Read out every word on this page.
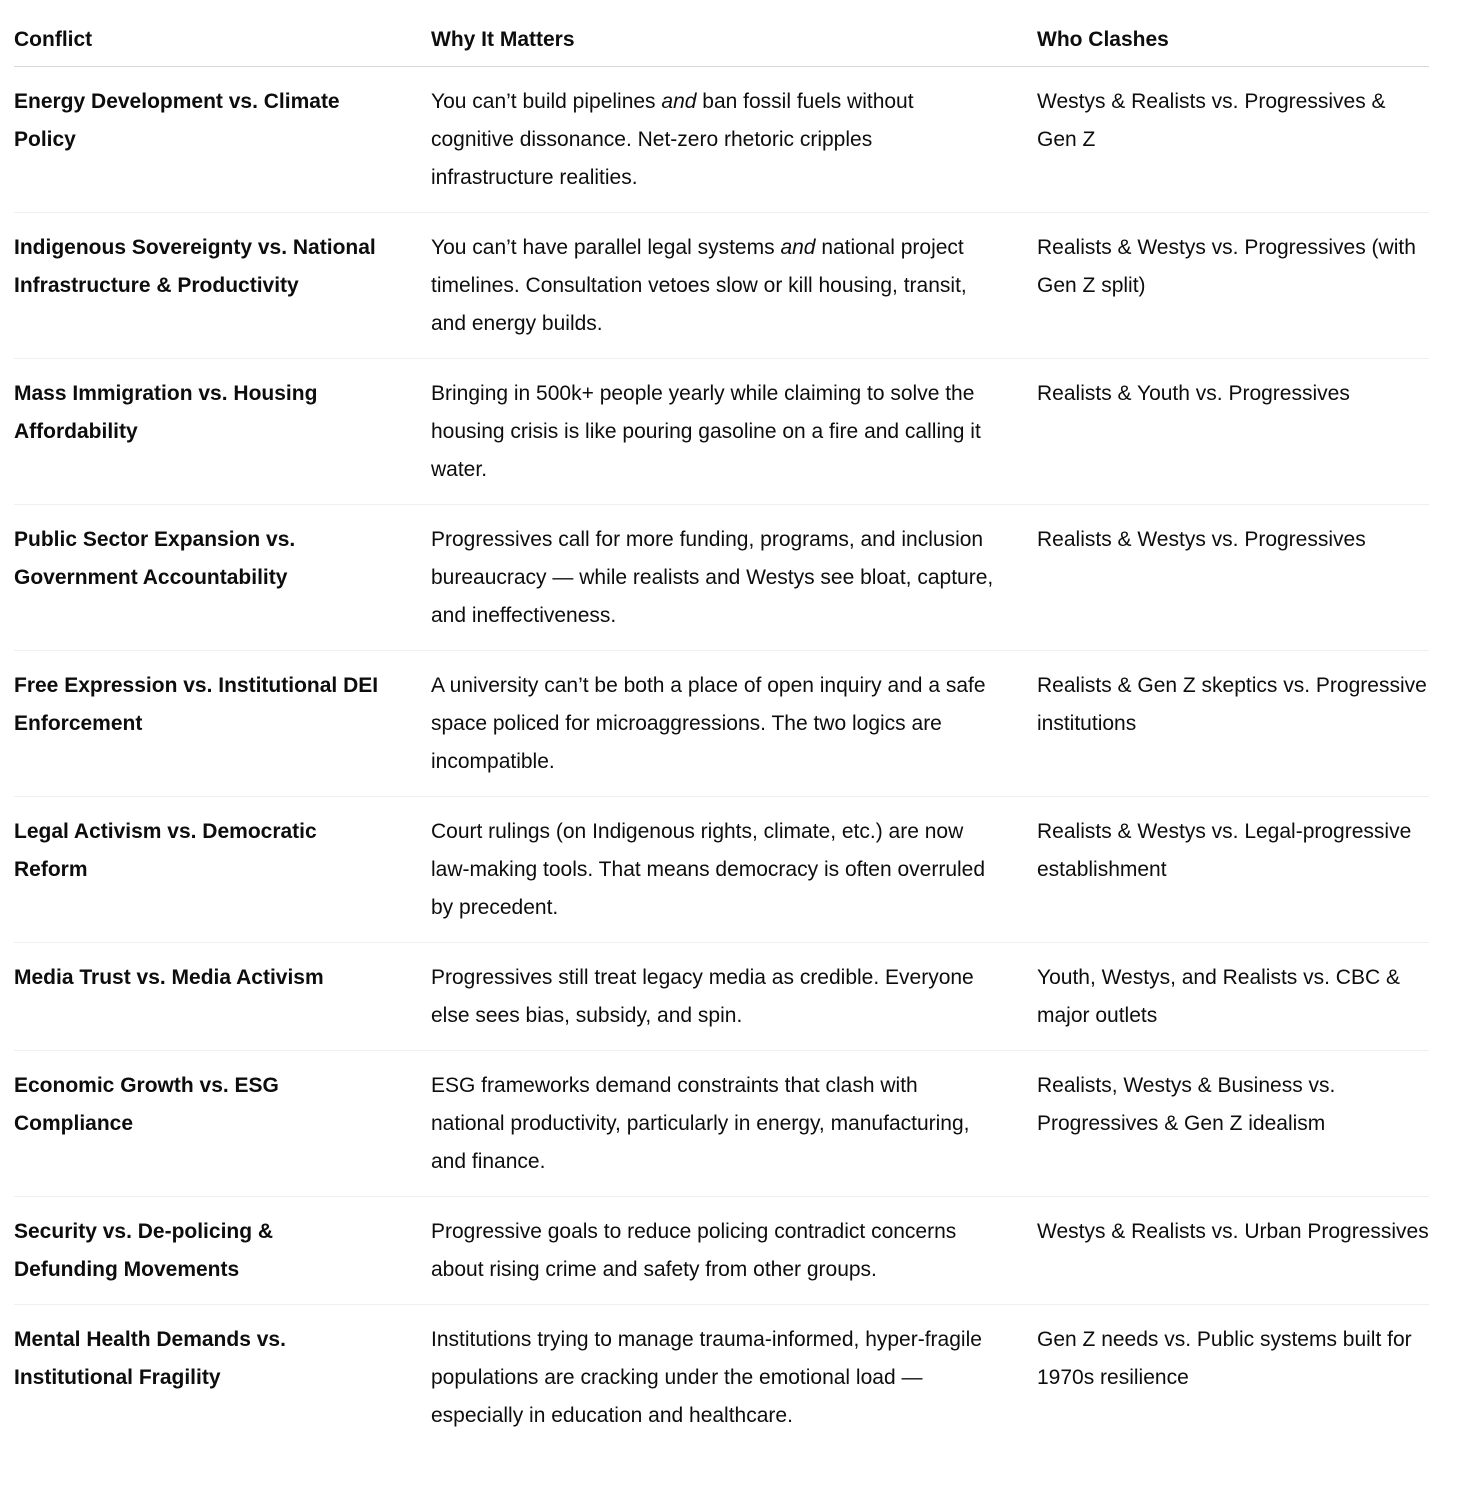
Conflict	Why It Matters	Who Clashes
Energy Development vs. Climate Policy	You can’t build pipelines and ban fossil fuels without cognitive dissonance. Net-zero rhetoric cripples infrastructure realities.	Westys & Realists vs. Progressives & Gen Z
Indigenous Sovereignty vs. National Infrastructure & Productivity	You can’t have parallel legal systems and national project timelines. Consultation vetoes slow or kill housing, transit, and energy builds.	Realists & Westys vs. Progressives (with Gen Z split)
Mass Immigration vs. Housing Affordability	Bringing in 500k+ people yearly while claiming to solve the housing crisis is like pouring gasoline on a fire and calling it water.	Realists & Youth vs. Progressives
Public Sector Expansion vs. Government Accountability	Progressives call for more funding, programs, and inclusion bureaucracy — while realists and Westys see bloat, capture, and ineffectiveness.	Realists & Westys vs. Progressives
Free Expression vs. Institutional DEI Enforcement	A university can’t be both a place of open inquiry and a safe space policed for microaggressions. The two logics are incompatible.	Realists & Gen Z skeptics vs. Progressive institutions
Legal Activism vs. Democratic Reform	Court rulings (on Indigenous rights, climate, etc.) are now law-making tools. That means democracy is often overruled by precedent.	Realists & Westys vs. Legal-progressive establishment
Media Trust vs. Media Activism	Progressives still treat legacy media as credible. Everyone else sees bias, subsidy, and spin.	Youth, Westys, and Realists vs. CBC & major outlets
Economic Growth vs. ESG Compliance	ESG frameworks demand constraints that clash with national productivity, particularly in energy, manufacturing, and finance.	Realists, Westys & Business vs. Progressives & Gen Z idealism
Security vs. De-policing & Defunding Movements	Progressive goals to reduce policing contradict concerns about rising crime and safety from other groups.	Westys & Realists vs. Urban Progressives
Mental Health Demands vs. Institutional Fragility	Institutions trying to manage trauma-informed, hyper-fragile populations are cracking under the emotional load — especially in education and healthcare.	Gen Z needs vs. Public systems built for 1970s resilience
